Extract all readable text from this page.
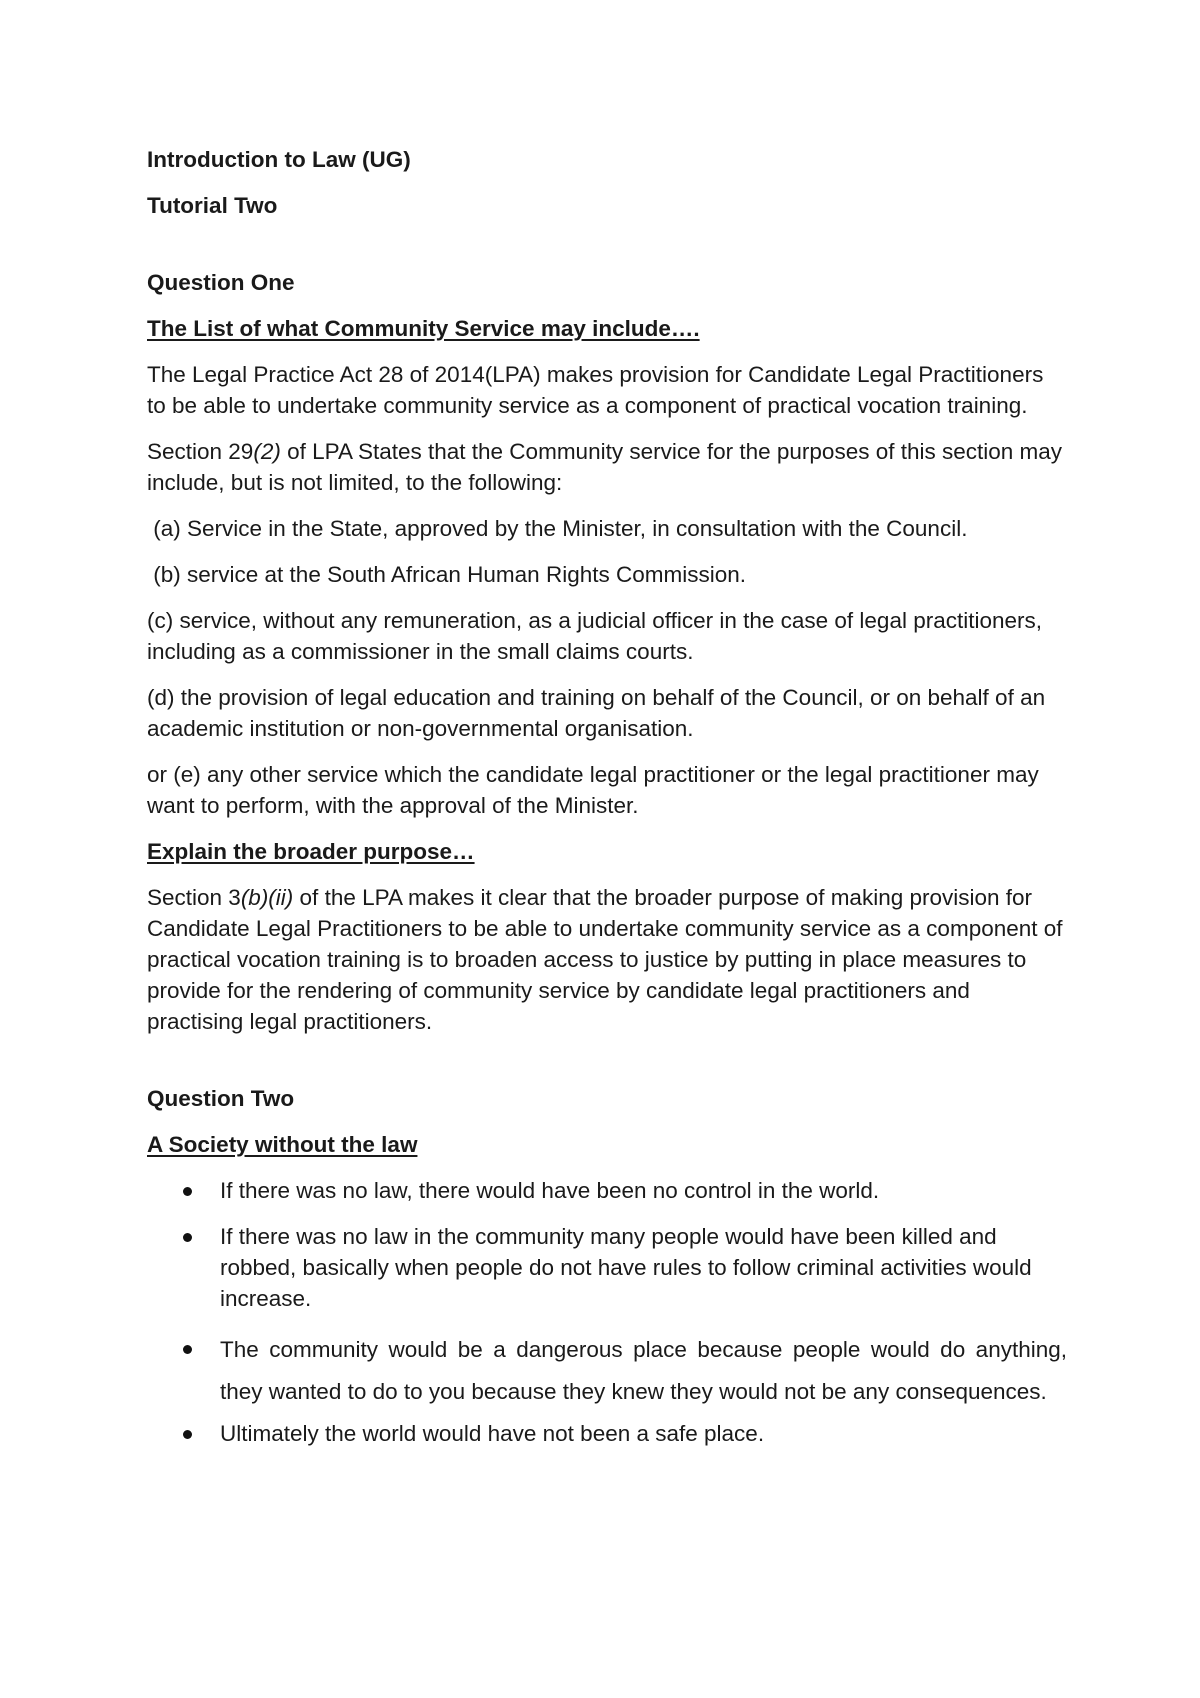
Introduction to Law (UG)

Tutorial Two

Question One

The List of what Community Service may include….

The Legal Practice Act 28 of 2014(LPA) makes provision for Candidate Legal Practitioners to be able to undertake community service as a component of practical vocation training.

Section 29(2) of LPA States that the Community service for the purposes of this section may include, but is not limited, to the following:

(a) Service in the State, approved by the Minister, in consultation with the Council.

(b) service at the South African Human Rights Commission.

(c) service, without any remuneration, as a judicial officer in the case of legal practitioners, including as a commissioner in the small claims courts.

(d) the provision of legal education and training on behalf of the Council, or on behalf of an academic institution or non-governmental organisation.

or (e) any other service which the candidate legal practitioner or the legal practitioner may want to perform, with the approval of the Minister.

Explain the broader purpose…

Section 3(b)(ii) of the LPA makes it clear that the broader purpose of making provision for Candidate Legal Practitioners to be able to undertake community service as a component of practical vocation training is to broaden access to justice by putting in place measures to provide for the rendering of community service by candidate legal practitioners and practising legal practitioners.

Question Two

A Society without the law

If there was no law, there would have been no control in the world.
If there was no law in the community many people would have been killed and robbed, basically when people do not have rules to follow criminal activities would increase.
The community would be a dangerous place because people would do anything, they wanted to do to you because they knew they would not be any consequences.
Ultimately the world would have not been a safe place.
